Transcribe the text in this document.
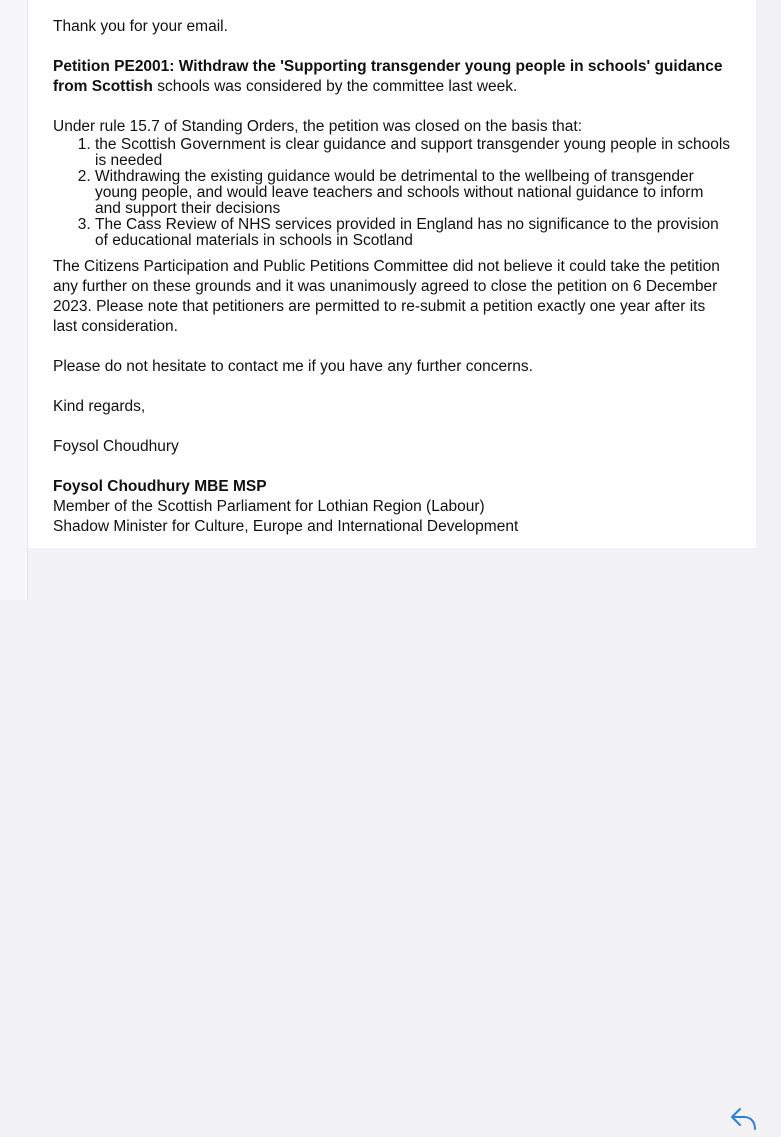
Thank you for your email.

Petition PE2001: Withdraw the 'Supporting transgender young people in schools' guidance from Scottish schools was considered by the committee last week.

Under rule 15.7 of Standing Orders, the petition was closed on the basis that:

1. the Scottish Government is clear guidance and support transgender young people in schools is needed
2. Withdrawing the existing guidance would be detrimental to the wellbeing of transgender young people, and would leave teachers and schools without national guidance to inform and support their decisions
3. The Cass Review of NHS services provided in England has no significance to the provision of educational materials in schools in Scotland

The Citizens Participation and Public Petitions Committee did not believe it could take the petition any further on these grounds and it was unanimously agreed to close the petition on 6 December 2023. Please note that petitioners are permitted to re-submit a petition exactly one year after its last consideration.

Please do not hesitate to contact me if you have any further concerns.

Kind regards,

Foysol Choudhury

Foysol Choudhury MBE MSP

Member of the Scottish Parliament for Lothian Region (Labour)

Shadow Minister for Culture, Europe and International Development
